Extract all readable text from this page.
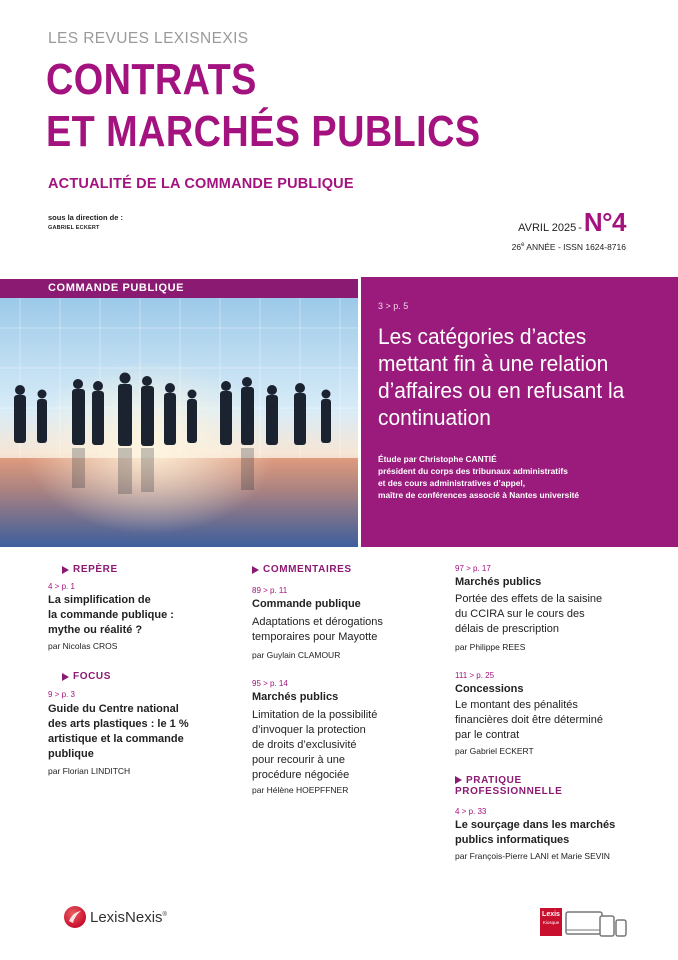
LES REVUES LEXISNEXIS
CONTRATS
ET MARCHÉS PUBLICS
ACTUALITÉ DE LA COMMANDE PUBLIQUE
sous la direction de :
GABRIEL ECKERT	AVRIL 2025 - N°4
26e ANNÉE - ISSN 1624-8716
COMMANDE PUBLIQUE
3 > p. 5
Les catégories d’actes mettant fin à une relation d’affaires ou en refusant la continuation
Étude par Christophe CANTIÉ
président du corps des tribunaux administratifs
et des cours administratives d’appel,
maître de conférences associé à Nantes université
REPÈRE
4 > p. 1
La simplification de
la commande publique :
mythe ou réalité ?
par Nicolas CROS
FOCUS
9 > p. 3
Guide du Centre national
des arts plastiques : le 1 %
artistique et la commande
publique
par Florian LINDITCH
COMMENTAIRES
89 > p. 11
Commande publique
Adaptations et dérogations
temporaires pour Mayotte
par Guylain CLAMOUR
95 > p. 14
Marchés publics
Limitation de la possibilité
d’invoquer la protection
de droits d’exclusivité
pour recourir à une
procédure négociée
par Hélène HOEPFFNER
97 > p. 17
Marchés publics
Portée des effets de la saisine
du CCIRA sur le cours des
délais de prescription
par Philippe REES
111 > p. 25
Concessions
Le montant des pénalités
financières doit être déterminé
par le contrat
par Gabriel ECKERT
PRATIQUE
PROFESSIONNELLE
4 > p. 33
Le sourçage dans les marchés
publics informatiques
par François-Pierre LANI et Marie SEVIN
LexisNexis®	Lexis
Kiosque
